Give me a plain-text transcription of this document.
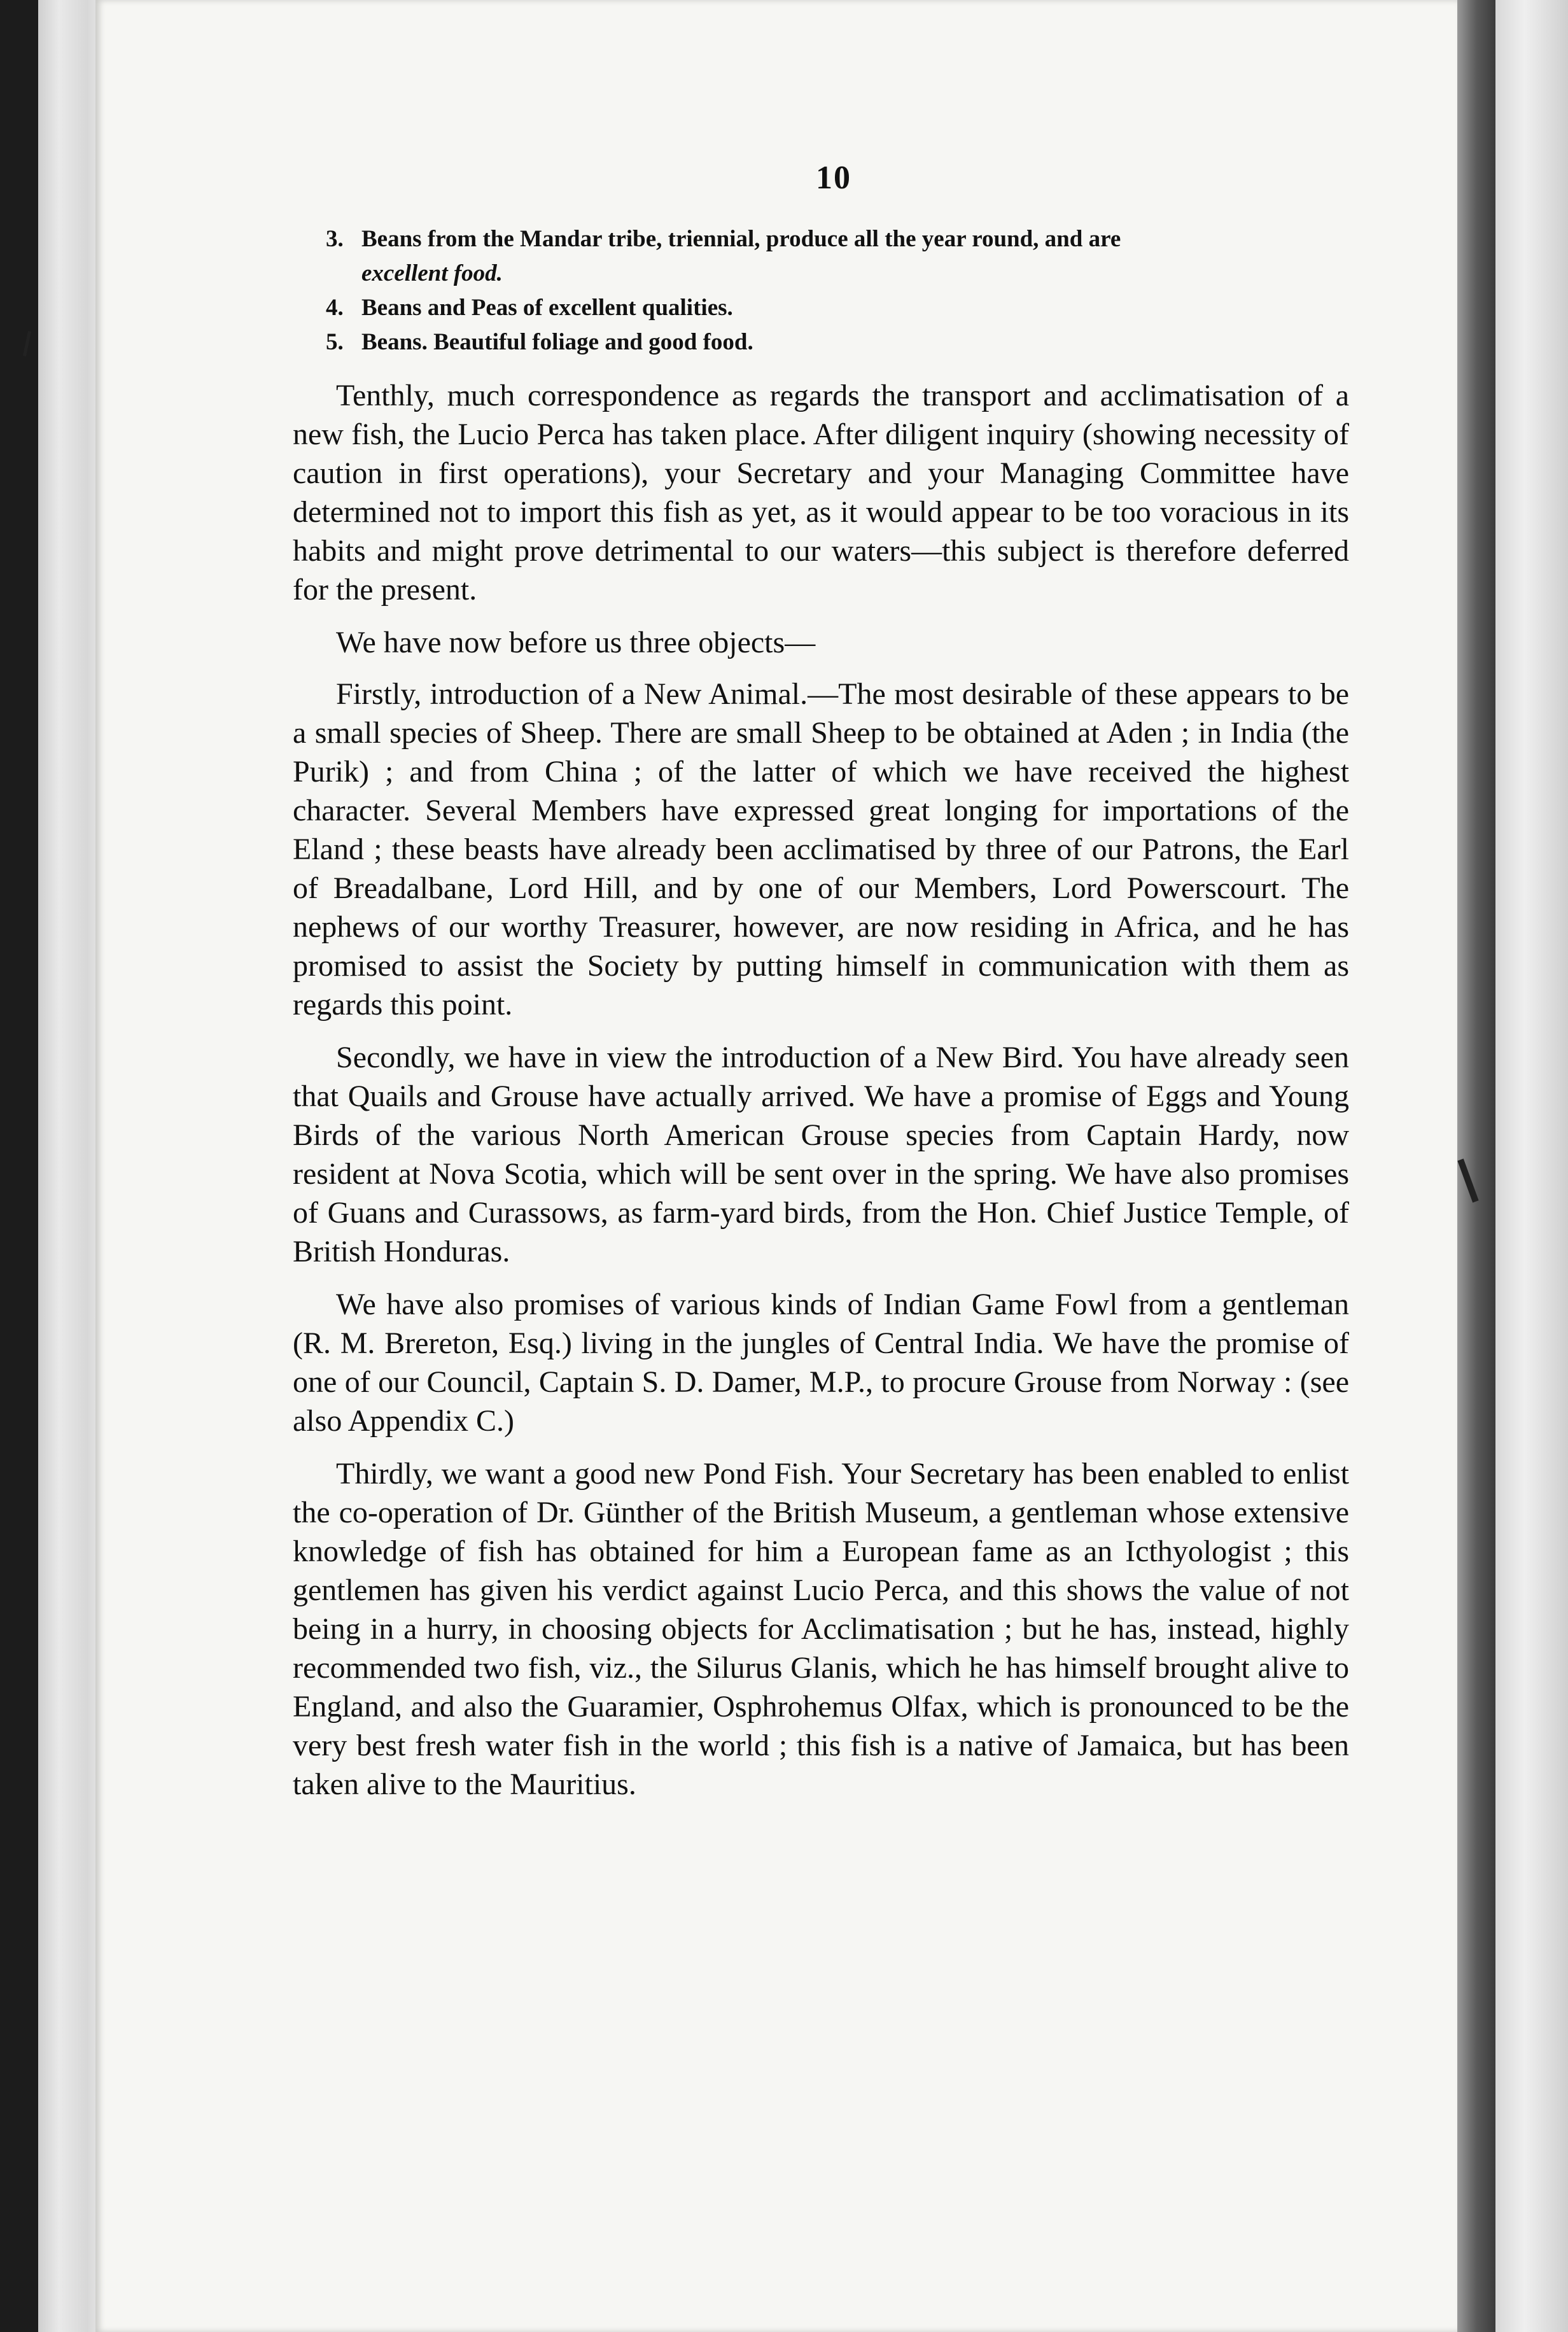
10
3. Beans from the Mandar tribe, triennial, produce all the year round, and are
excellent food.
4. Beans and Peas of excellent qualities.
5. Beans. Beautiful foliage and good food.

Tenthly, much correspondence as regards the transport and acclimatisation of a new fish, the Lucio Perca has taken place. After diligent inquiry (showing necessity of caution in first operations), your Secretary and your Managing Committee have determined not to import this fish as yet, as it would appear to be too voracious in its habits and might prove detrimental to our waters—this subject is therefore deferred for the present.

We have now before us three objects—

Firstly, introduction of a New Animal.—The most desirable of these appears to be a small species of Sheep. There are small Sheep to be obtained at Aden ; in India (the Purik) ; and from China ; of the latter of which we have received the highest character. Several Members have expressed great longing for importations of the Eland ; these beasts have already been acclimatised by three of our Patrons, the Earl of Breadalbane, Lord Hill, and by one of our Members, Lord Powerscourt. The nephews of our worthy Treasurer, however, are now residing in Africa, and he has promised to assist the Society by putting himself in communication with them as regards this point.

Secondly, we have in view the introduction of a New Bird. You have already seen that Quails and Grouse have actually arrived. We have a promise of Eggs and Young Birds of the various North American Grouse species from Captain Hardy, now resident at Nova Scotia, which will be sent over in the spring. We have also promises of Guans and Curassows, as farm-yard birds, from the Hon. Chief Justice Temple, of British Honduras.

We have also promises of various kinds of Indian Game Fowl from a gentleman (R. M. Brereton, Esq.) living in the jungles of Central India. We have the promise of one of our Council, Captain S. D. Damer, M.P., to procure Grouse from Norway : (see also Appendix C.)

Thirdly, we want a good new Pond Fish. Your Secretary has been enabled to enlist the co-operation of Dr. Günther of the British Museum, a gentleman whose extensive knowledge of fish has obtained for him a European fame as an Icthyologist ; this gentlemen has given his verdict against Lucio Perca, and this shows the value of not being in a hurry, in choosing objects for Acclimatisation ; but he has, instead, highly recommended two fish, viz., the Silurus Glanis, which he has himself brought alive to England, and also the Guaramier, Osphrohemus Olfax, which is pronounced to be the very best fresh water fish in the world ; this fish is a native of Jamaica, but has been taken alive to the Mauritius.
